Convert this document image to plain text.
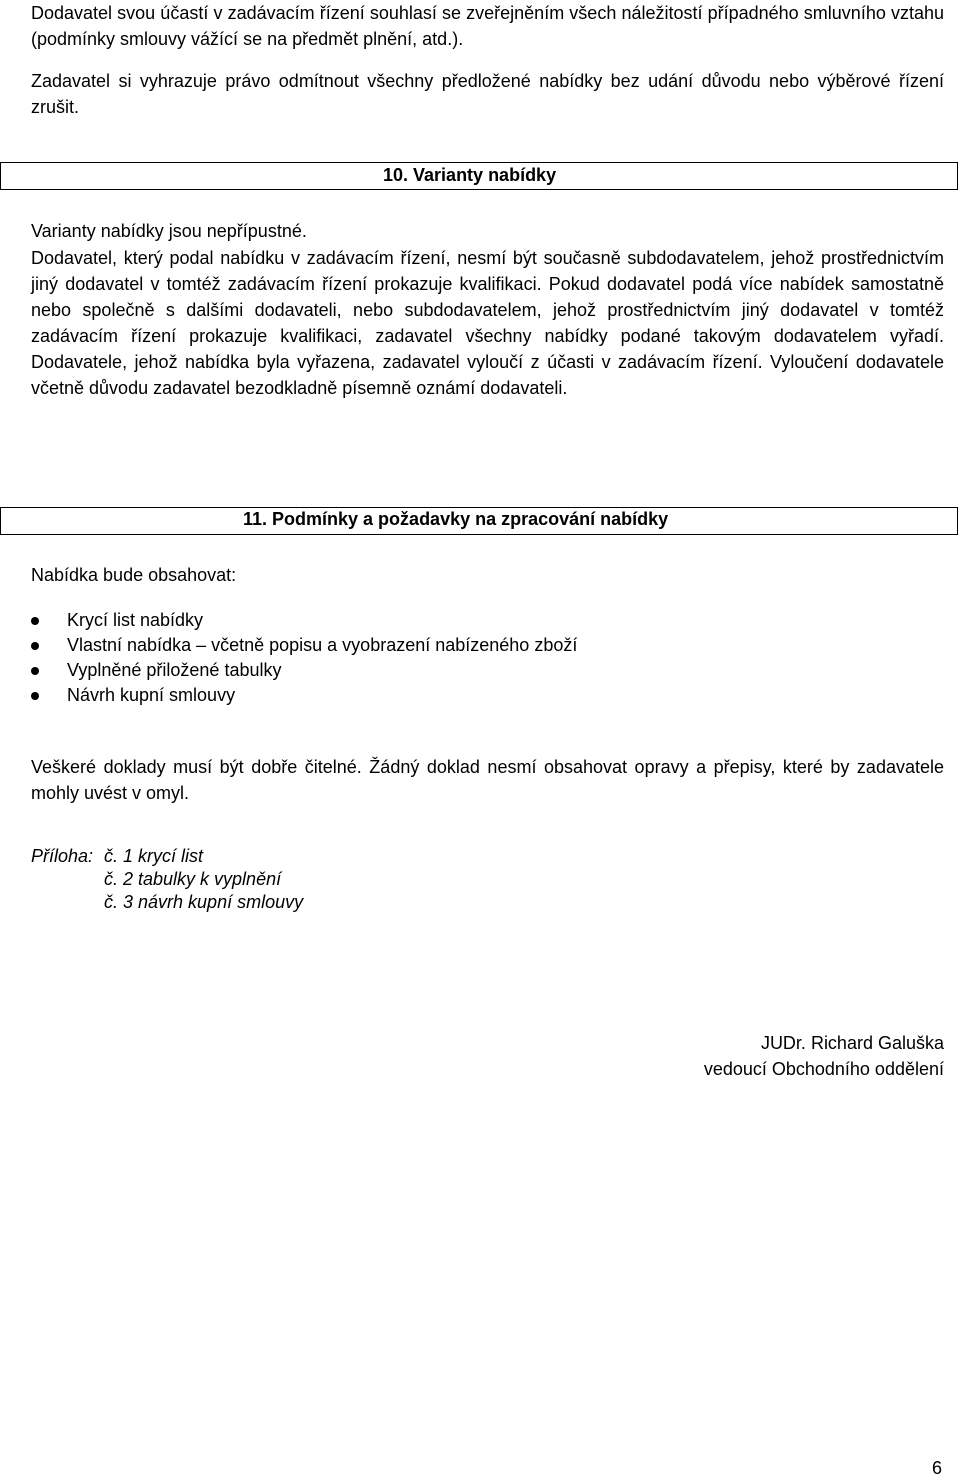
Dodavatel svou účastí v zadávacím řízení souhlasí se zveřejněním všech náležitostí případného smluvního vztahu (podmínky smlouvy vážící se na předmět plnění, atd.).

Zadavatel si vyhrazuje právo odmítnout všechny předložené nabídky bez udání důvodu nebo výběrové řízení zrušit.

10. Varianty nabídky

Varianty nabídky jsou nepřípustné.

Dodavatel, který podal nabídku v zadávacím řízení, nesmí být současně subdodavatelem, jehož prostřednictvím jiný dodavatel v tomtéž zadávacím řízení prokazuje kvalifikaci. Pokud dodavatel podá více nabídek samostatně nebo společně s dalšími dodavateli, nebo subdodavatelem, jehož prostřednictvím jiný dodavatel v tomtéž zadávacím řízení prokazuje kvalifikaci, zadavatel všechny nabídky podané takovým dodavatelem vyřadí. Dodavatele, jehož nabídka byla vyřazena, zadavatel vyloučí z účasti v zadávacím řízení. Vyloučení dodavatele včetně důvodu zadavatel bezodkladně písemně oznámí dodavateli.

11. Podmínky a požadavky na zpracování nabídky

Nabídka bude obsahovat:

Krycí list nabídky
Vlastní nabídka – včetně popisu a vyobrazení nabízeného zboží
Vyplněné přiložené tabulky
Návrh kupní smlouvy

Veškeré doklady musí být dobře čitelné. Žádný doklad nesmí obsahovat opravy a přepisy, které by zadavatele mohly uvést v omyl.

Příloha: č. 1 krycí list
č. 2 tabulky k vyplnění
č. 3 návrh kupní smlouvy
JUDr. Richard Galuška
vedoucí Obchodního oddělení
6
